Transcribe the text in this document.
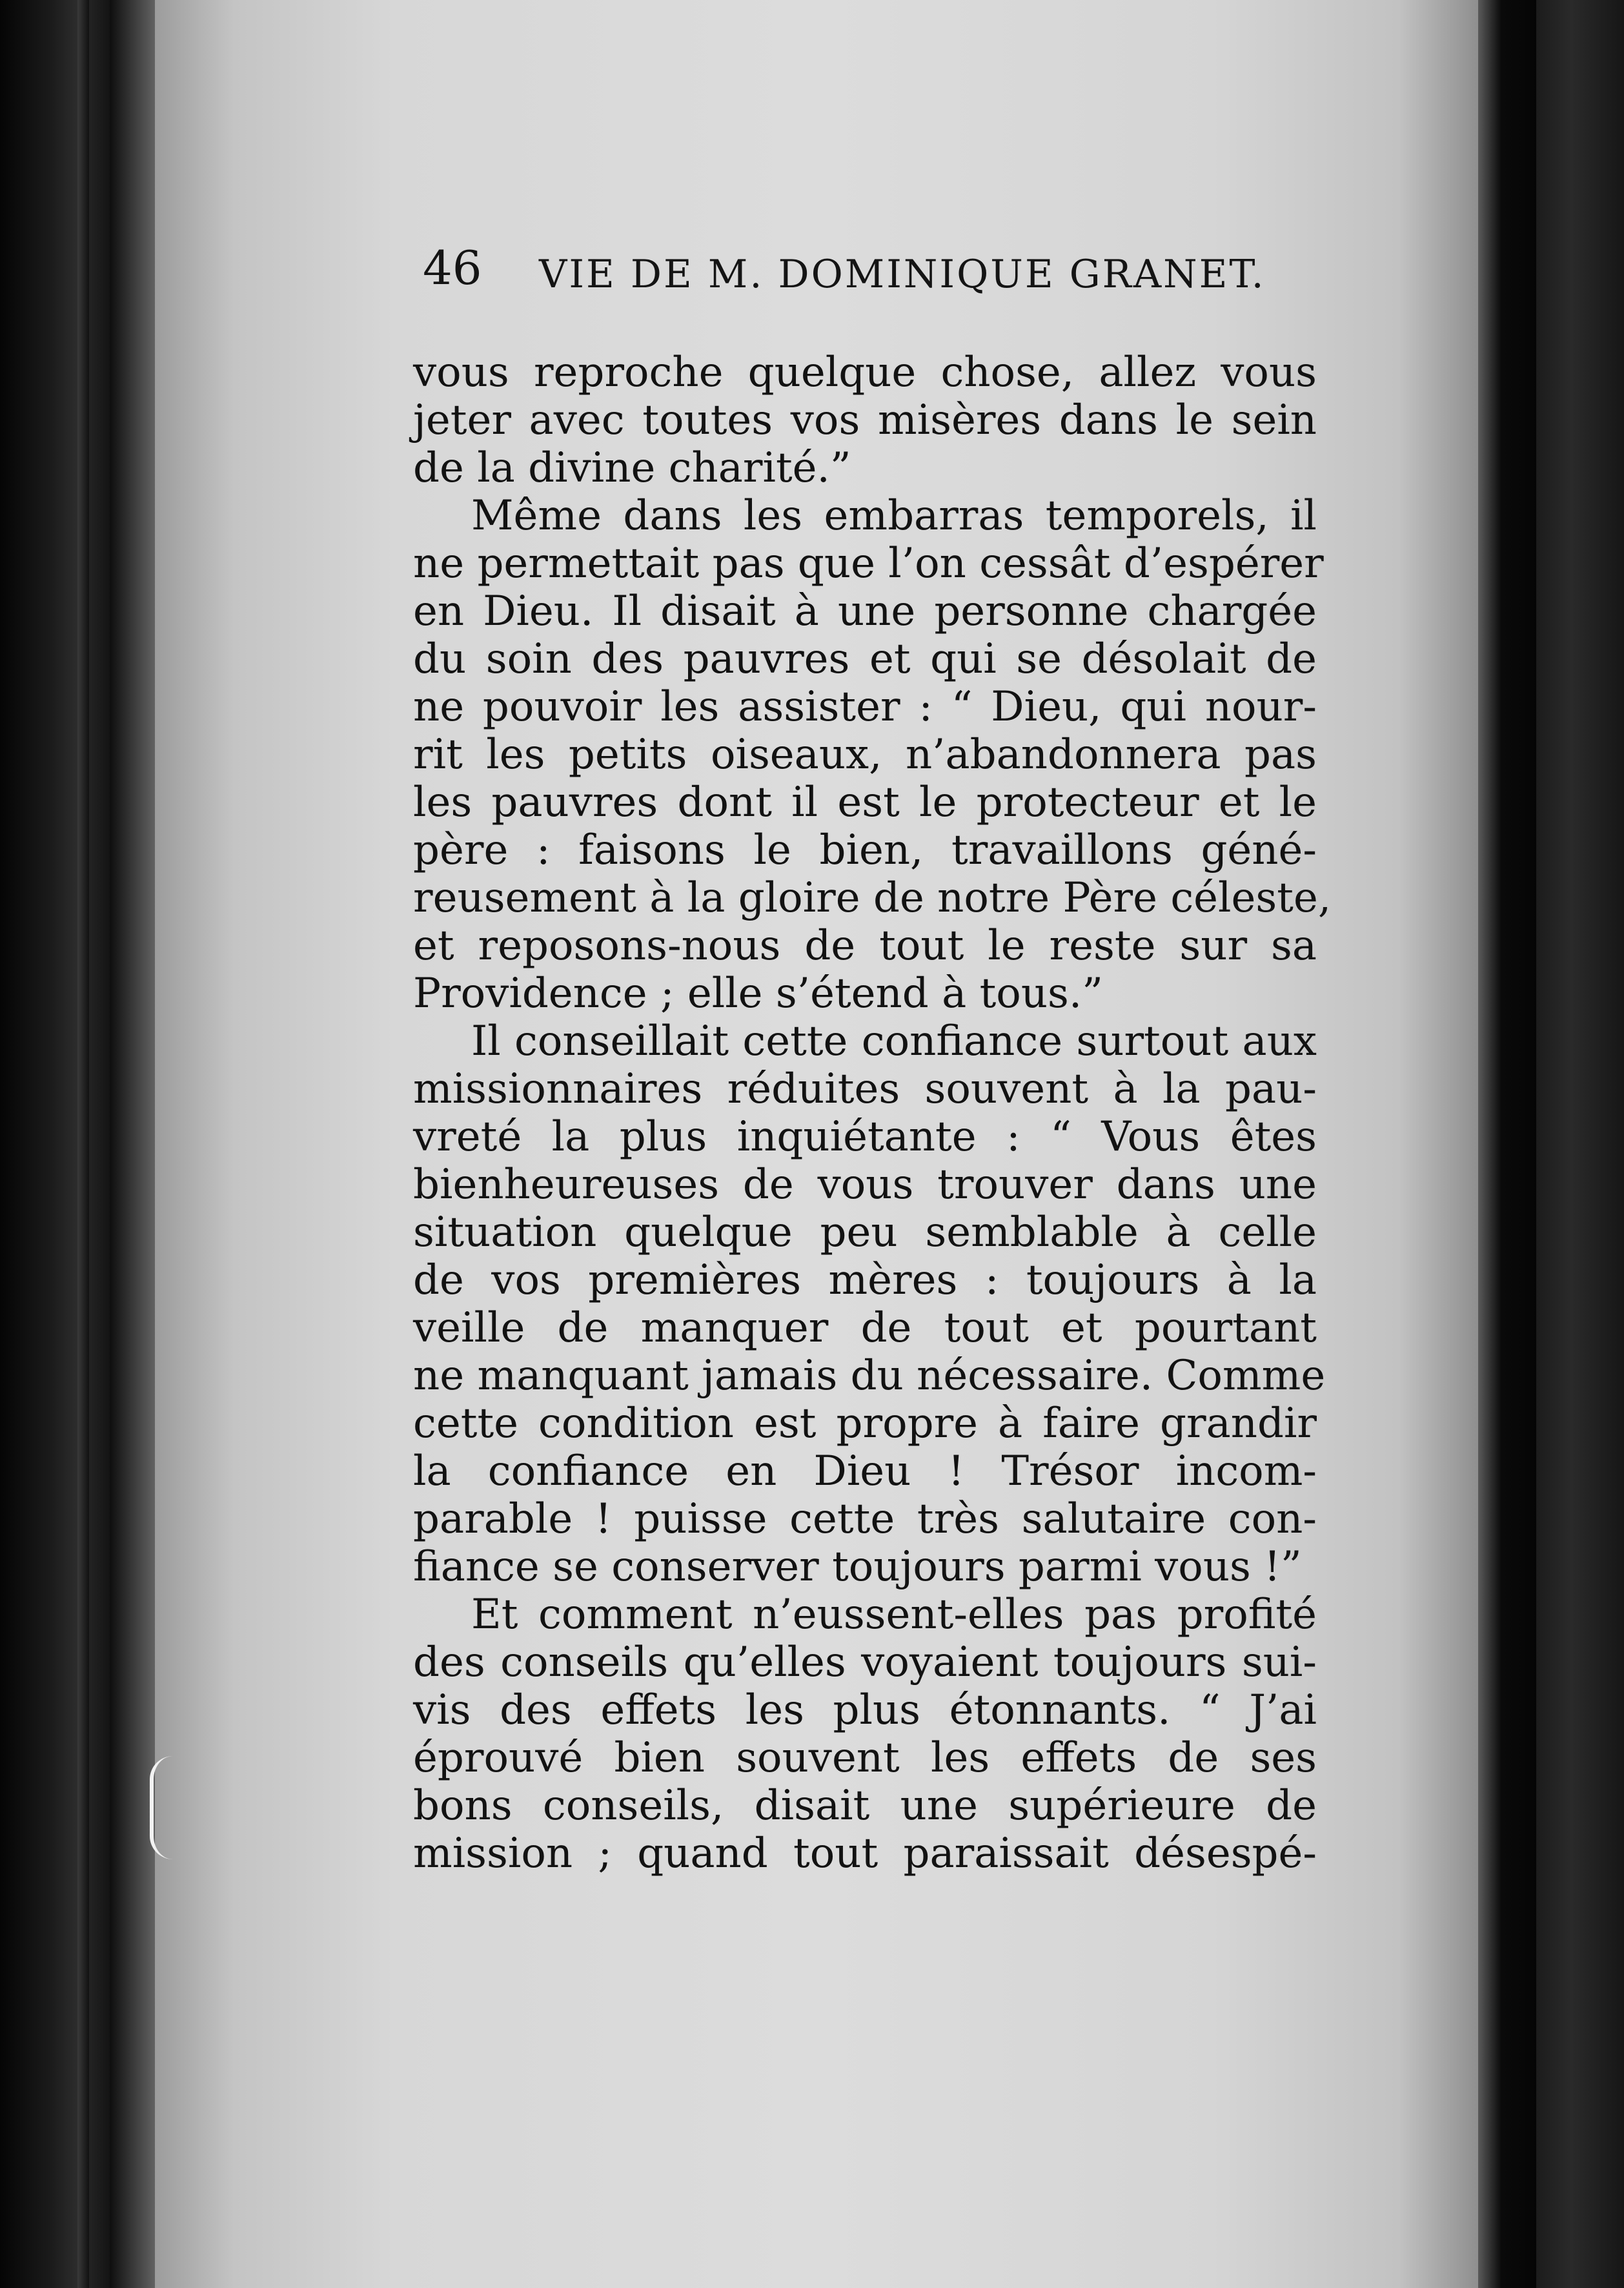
46 VIE DE M. DOMINIQUE GRANET.
vous reproche quelque chose, allez vous
jeter avec toutes vos misères dans le sein
de la divine charité.”
Même dans les embarras temporels, il
ne permettait pas que l’on cessât d’espérer
en Dieu. Il disait à une personne chargée
du soin des pauvres et qui se désolait de
ne pouvoir les assister : “ Dieu, qui nour-
rit les petits oiseaux, n’abandonnera pas
les pauvres dont il est le protecteur et le
père : faisons le bien, travaillons géné-
reusement à la gloire de notre Père céleste,
et reposons-nous de tout le reste sur sa
Providence ; elle s’étend à tous.”
Il conseillait cette confiance surtout aux
missionnaires réduites souvent à la pau-
vreté la plus inquiétante : “ Vous êtes
bienheureuses de vous trouver dans une
situation quelque peu semblable à celle
de vos premières mères : toujours à la
veille de manquer de tout et pourtant
ne manquant jamais du nécessaire. Comme
cette condition est propre à faire grandir
la confiance en Dieu ! Trésor incom-
parable ! puisse cette très salutaire con-
fiance se conserver toujours parmi vous !”
Et comment n’eussent-elles pas profité
des conseils qu’elles voyaient toujours sui-
vis des effets les plus étonnants. “ J’ai
éprouvé bien souvent les effets de ses
bons conseils, disait une supérieure de
mission ; quand tout paraissait désespé-
